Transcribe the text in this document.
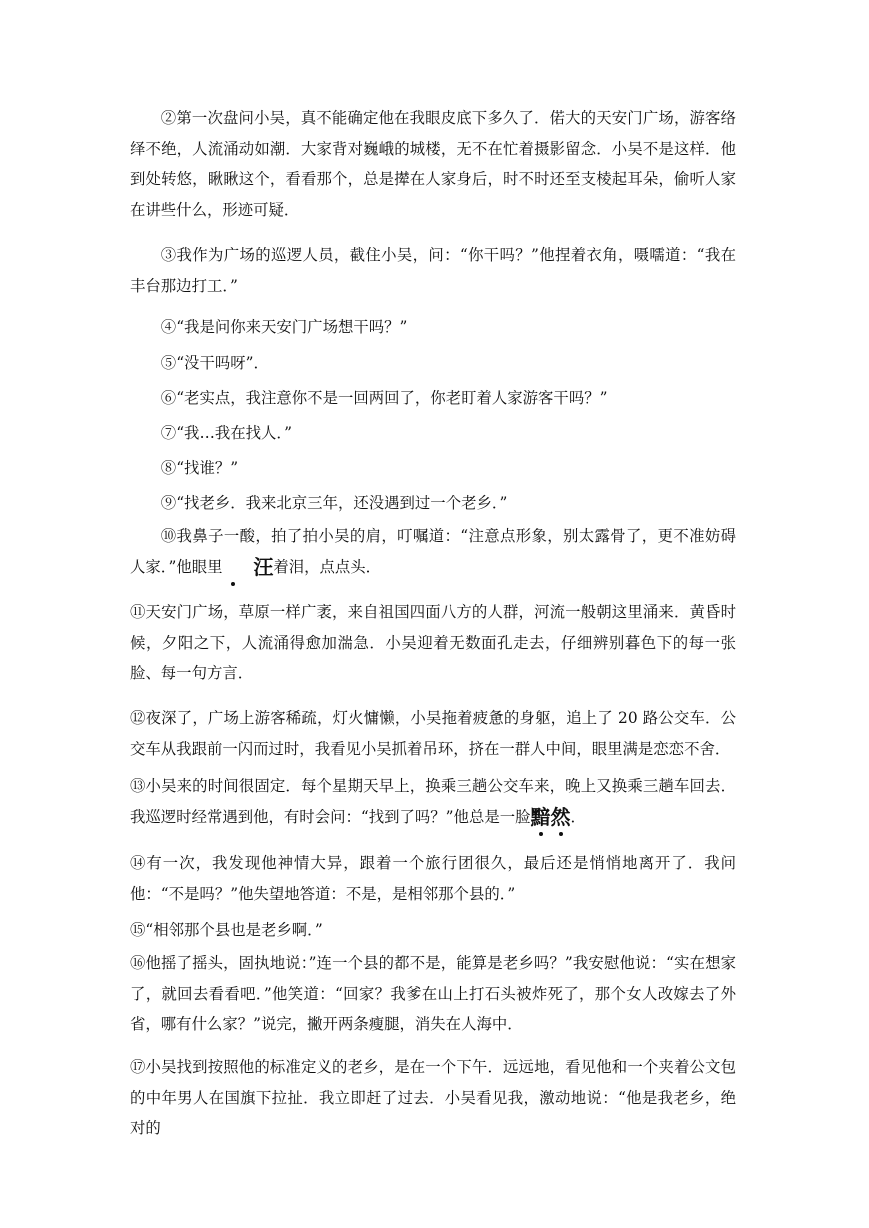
②第一次盘问小吴，真不能确定他在我眼皮底下多久了．偌大的天安门广场，游客络绎不绝，人流涌动如潮．大家背对巍峨的城楼，无不在忙着摄影留念．小吴不是这样．他到处转悠，瞅瞅这个，看看那个，总是撵在人家身后，时不时还至支棱起耳朵，偷听人家在讲些什么，形迹可疑．

③我作为广场的巡逻人员，截住小吴，问：“你干吗？”他捏着衣角，嗫嚅道：“我在丰台那边打工．”

④“我是问你来天安门广场想干吗？”

⑤“没干吗呀”．

⑥“老实点，我注意你不是一回两回了，你老盯着人家游客干吗？”

⑦“我…我在找人．”

⑧“找谁？”

⑨“找老乡．我来北京三年，还没遇到过一个老乡．”

⑩我鼻子一酸，拍了拍小吴的肩，叮嘱道：“注意点形象，别太露骨了，更不准妨碍人家．”他眼里 汪
着泪，点点头．

⑪天安门广场，草原一样广袤，来自祖国四面八方的人群，河流一般朝这里涌来．黄昏时候，夕阳之下，人流涌得愈加湍急．小吴迎着无数面孔走去，仔细辨别暮色下的每一张脸、每一句方言．

⑫夜深了，广场上游客稀疏，灯火慵懒，小吴拖着疲惫的身躯，追上了 20 路公交车．公交车从我跟前一闪而过时，我看见小吴抓着吊环，挤在一群人中间，眼里满是恋恋不舍．

⑬小吴来的时间很固定．每个星期天早上，换乘三趟公交车来，晚上又换乘三趟车回去．我巡逻时经常遇到他，有时会问：“找到了吗？”他总是一脸黯然
．

⑭有一次，我发现他神情大异，跟着一个旅行团很久，最后还是悄悄地离开了．我问他：“不是吗？”他失望地答道：不是，是相邻那个县的．”

⑮“相邻那个县也是老乡啊．”

⑯他摇了摇头，固执地说：”连一个县的都不是，能算是老乡吗？”我安慰他说：“实在想家了，就回去看看吧．”他笑道：“回家？我爹在山上打石头被炸死了，那个女人改嫁去了外省，哪有什么家？”说完，撇开两条瘦腿，消失在人海中．

⑰小吴找到按照他的标准定义的老乡，是在一个下午．远远地，看见他和一个夹着公文包的中年男人在国旗下拉扯．我立即赶了过去．小吴看见我，激动地说：“他是我老乡，绝对的
